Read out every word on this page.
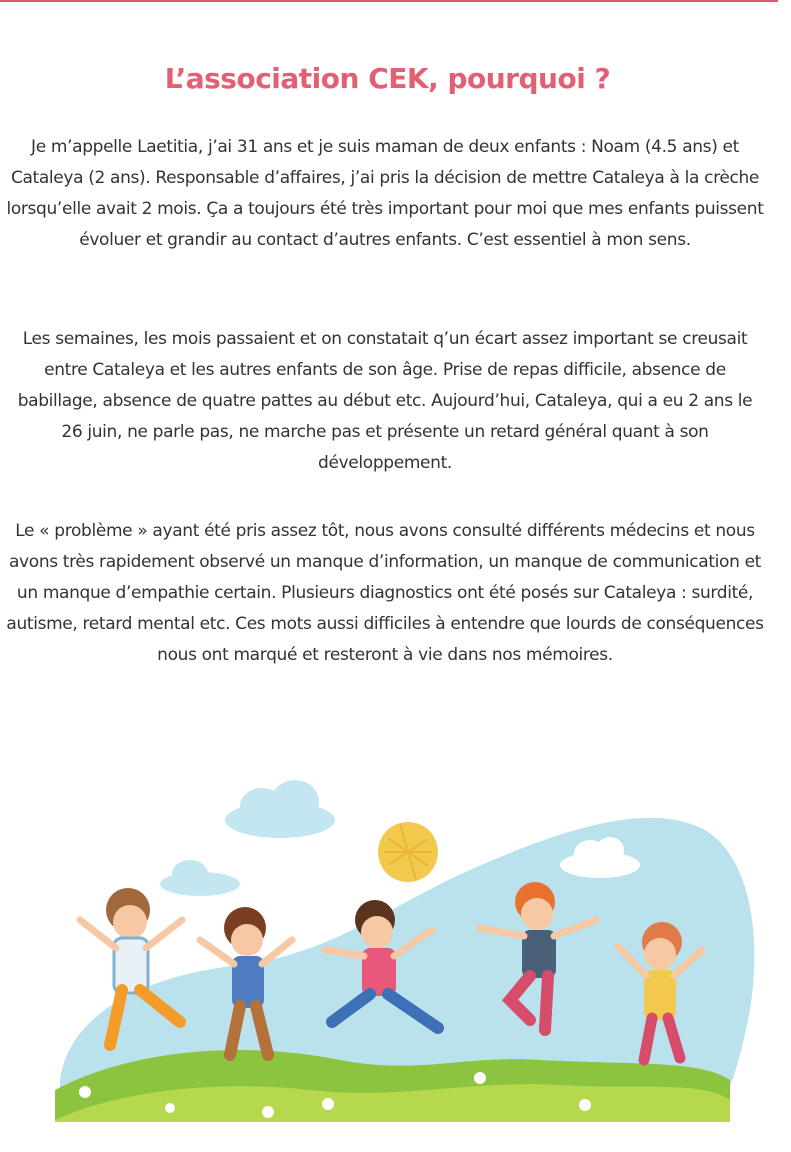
L’association CEK, pourquoi ?

Je m’appelle Laetitia, j’ai 31 ans et je suis maman de deux enfants : Noam (4.5 ans) et Cataleya (2 ans). Responsable d’affaires, j’ai pris la décision de mettre Cataleya à la crèche lorsqu’elle avait 2 mois. Ça a toujours été très important pour moi que mes enfants puissent évoluer et grandir au contact d’autres enfants. C’est essentiel à mon sens.

Les semaines, les mois passaient et on constatait q’un écart assez important se creusait entre Cataleya et les autres enfants de son âge. Prise de repas difficile, absence de babillage, absence de quatre pattes au début etc. Aujourd’hui, Cataleya, qui a eu 2 ans le 26 juin, ne parle pas, ne marche pas et présente un retard général quant à son développement.

Le « problème » ayant été pris assez tôt, nous avons consulté différents médecins et nous avons très rapidement observé un manque d’information, un manque de communication et un manque d’empathie certain. Plusieurs diagnostics ont été posés sur Cataleya : surdité, autisme, retard mental etc. Ces mots aussi difficiles à entendre que lourds de conséquences nous ont marqué et resteront à vie dans nos mémoires.
